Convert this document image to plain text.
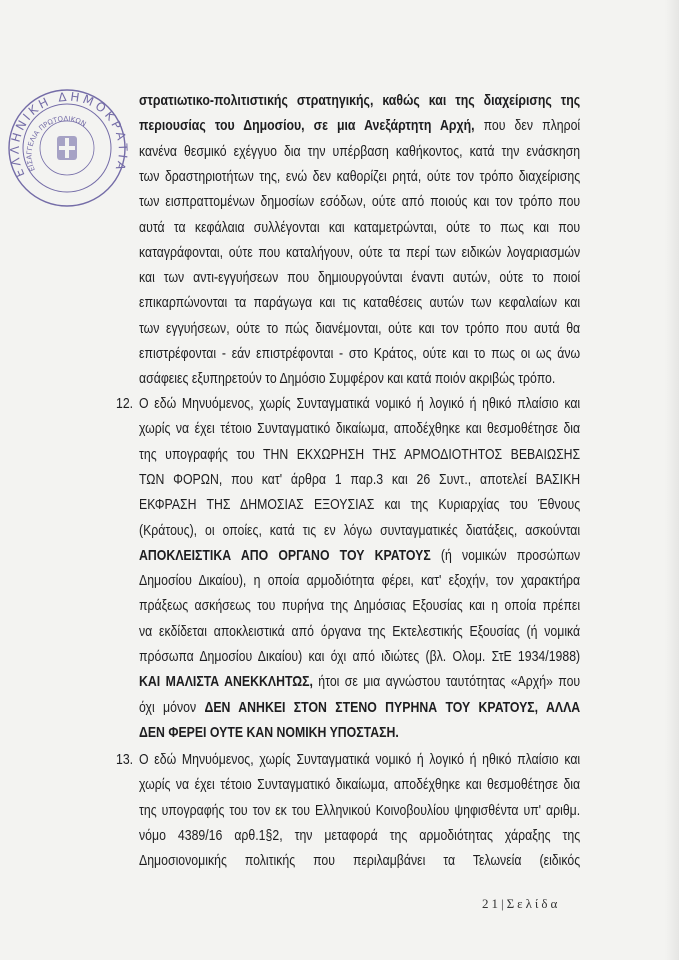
ΕΛΛΗΝΙΚΗ ΔΗΜΟΚΡΑΤΙΑ
ΕΙΣΑΓΓΕΛΙΑ ΠΡΩΤΟΔΙΚΩΝ
στρατιωτικο-πολιτιστικής στρατηγικής, καθώς και της διαχείρισης της
περιουσίας του Δημοσίου, σε μια Ανεξάρτητη Αρχή, που δεν πληροί
κανένα θεσμικό εχέγγυο δια την υπέρβαση καθήκοντος, κατά την ενάσκηση
των δραστηριοτήτων της, ενώ δεν καθορίζει ρητά, ούτε τον τρόπο διαχείρισης
των εισπραττομένων δημοσίων εσόδων, ούτε από ποιούς και τον τρόπο που
αυτά τα κεφάλαια συλλέγονται και καταμετρώνται, ούτε το πως και που
καταγράφονται, ούτε που καταλήγουν, ούτε τα περί των ειδικών λογαριασμών
και των αντι-εγγυήσεων που δημιουργούνται έναντι αυτών, ούτε το ποιοί
επικαρπώνονται τα παράγωγα και τις καταθέσεις αυτών των κεφαλαίων και
των εγγυήσεων, ούτε το πώς διανέμονται, ούτε και τον τρόπο που αυτά θα
επιστρέφονται - εάν επιστρέφονται - στο Κράτος, ούτε και το πως οι ως άνω
ασάφειες εξυπηρετούν το Δημόσιο Συμφέρον και κατά ποιόν ακριβώς τρόπο.
12. Ο εδώ Μηνυόμενος, χωρίς Συνταγματικά νομικό ή λογικό ή ηθικό πλαίσιο και
χωρίς να έχει τέτοιο Συνταγματικό δικαίωμα, αποδέχθηκε και θεσμοθέτησε δια
της υπογραφής του ΤΗΝ ΕΚΧΩΡΗΣΗ ΤΗΣ ΑΡΜΟΔΙΟΤΗΤΟΣ ΒΕΒΑΙΩΣΗΣ
ΤΩΝ ΦΟΡΩΝ, που κατ' άρθρα 1 παρ.3 και 26 Συντ., αποτελεί ΒΑΣΙΚΗ
ΕΚΦΡΑΣΗ ΤΗΣ ΔΗΜΟΣΙΑΣ ΕΞΟΥΣΙΑΣ και της Κυριαρχίας του Έθνους
(Κράτους), οι οποίες, κατά τις εν λόγω συνταγματικές διατάξεις, ασκούνται
ΑΠΟΚΛΕΙΣΤΙΚΑ ΑΠΟ ΟΡΓΑΝΟ ΤΟΥ ΚΡΑΤΟΥΣ (ή νομικών προσώπων
Δημοσίου Δικαίου), η οποία αρμοδιότητα φέρει, κατ' εξοχήν, τον χαρακτήρα
πράξεως ασκήσεως του πυρήνα της Δημόσιας Εξουσίας και η οποία πρέπει
να εκδίδεται αποκλειστικά από όργανα της Εκτελεστικής Εξουσίας (ή νομικά
πρόσωπα Δημοσίου Δικαίου) και όχι από ιδιώτες (βλ. Ολομ. ΣτΕ 1934/1988)
ΚΑΙ ΜΑΛΙΣΤΑ ΑΝΕΚΚΛΗΤΩΣ, ήτοι σε μια αγνώστου ταυτότητας «Αρχή» που
όχι μόνον ΔΕΝ ΑΝΗΚΕΙ ΣΤΟΝ ΣΤΕΝΟ ΠΥΡΗΝΑ ΤΟΥ ΚΡΑΤΟΥΣ, ΑΛΛΑ
ΔΕΝ ΦΕΡΕΙ ΟΥΤΕ ΚΑΝ ΝΟΜΙΚΗ ΥΠΟΣΤΑΣΗ.
13. Ο εδώ Μηνυόμενος, χωρίς Συνταγματικά νομικό ή λογικό ή ηθικό πλαίσιο και
χωρίς να έχει τέτοιο Συνταγματικό δικαίωμα, αποδέχθηκε και θεσμοθέτησε δια
της υπογραφής του τον εκ του Ελληνικού Κοινοβουλίου ψηφισθέντα υπ' αριθμ.
νόμο 4389/16 αρθ.1§2, την μεταφορά της αρμοδιότητας χάραξης της
Δημοσιονομικής πολιτικής που περιλαμβάνει τα Τελωνεία (ειδικός
21|Σελίδα
